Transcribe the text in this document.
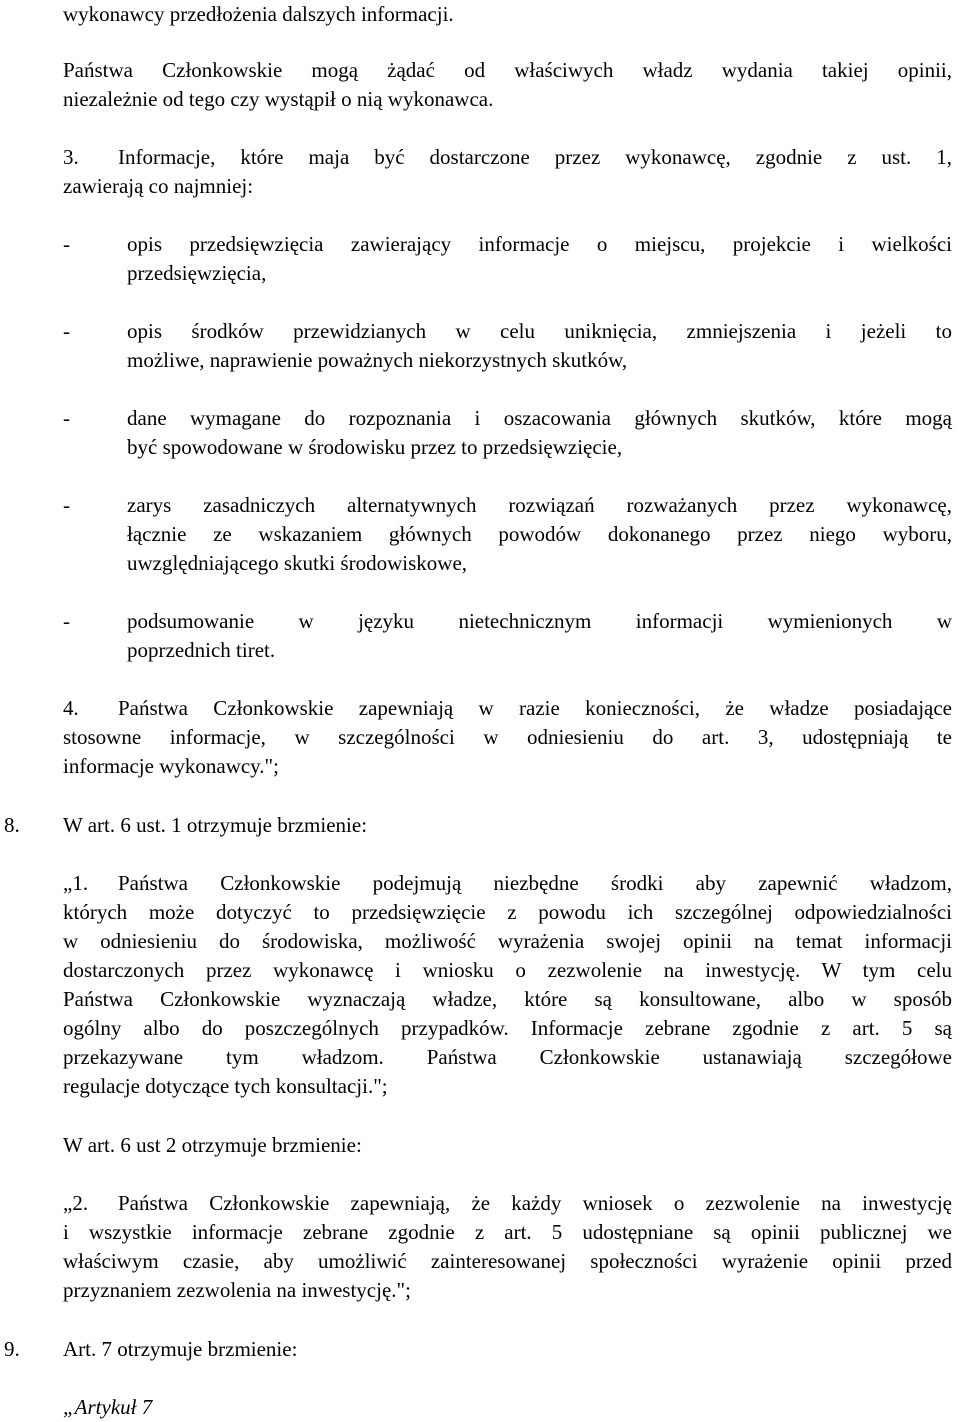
wykonawcy przedłożenia dalszych informacji.
Państwa Członkowskie mogą żądać od właściwych władz wydania takiej opinii,
niezależnie od tego czy wystąpił o nią wykonawca.
3. Informacje, które maja być dostarczone przez wykonawcę, zgodnie z ust. 1,
zawierają co najmniej:
-	opis przedsięwzięcia zawierający informacje o miejscu, projekcie i wielkości
przedsięwzięcia,
-	opis środków przewidzianych w celu uniknięcia, zmniejszenia i jeżeli to
możliwe, naprawienie poważnych niekorzystnych skutków,
-	dane wymagane do rozpoznania i oszacowania głównych skutków, które mogą
być spowodowane w środowisku przez to przedsięwzięcie,
-	zarys zasadniczych alternatywnych rozwiązań rozważanych przez wykonawcę,
łącznie ze wskazaniem głównych powodów dokonanego przez niego wyboru,
uwzględniającego skutki środowiskowe,
-	podsumowanie w języku nietechnicznym informacji wymienionych w
poprzednich tiret.
4. Państwa Członkowskie zapewniają w razie konieczności, że władze posiadające
stosowne informacje, w szczególności w odniesieniu do art. 3, udostępniają te
informacje wykonawcy.";
8. W art. 6 ust. 1 otrzymuje brzmienie:
„1. Państwa Członkowskie podejmują niezbędne środki aby zapewnić władzom,
których może dotyczyć to przedsięwzięcie z powodu ich szczególnej odpowiedzialności
w odniesieniu do środowiska, możliwość wyrażenia swojej opinii na temat informacji
dostarczonych przez wykonawcę i wniosku o zezwolenie na inwestycję. W tym celu
Państwa Członkowskie wyznaczają władze, które są konsultowane, albo w sposób
ogólny albo do poszczególnych przypadków. Informacje zebrane zgodnie z art. 5 są
przekazywane tym władzom. Państwa Członkowskie ustanawiają szczegółowe
regulacje dotyczące tych konsultacji.";
W art. 6 ust 2 otrzymuje brzmienie:
„2. Państwa Członkowskie zapewniają, że każdy wniosek o zezwolenie na inwestycję
i wszystkie informacje zebrane zgodnie z art. 5 udostępniane są opinii publicznej we
właściwym czasie, aby umożliwić zainteresowanej społeczności wyrażenie opinii przed
przyznaniem zezwolenia na inwestycję.";
9. Art. 7 otrzymuje brzmienie:
„Artykuł 7
